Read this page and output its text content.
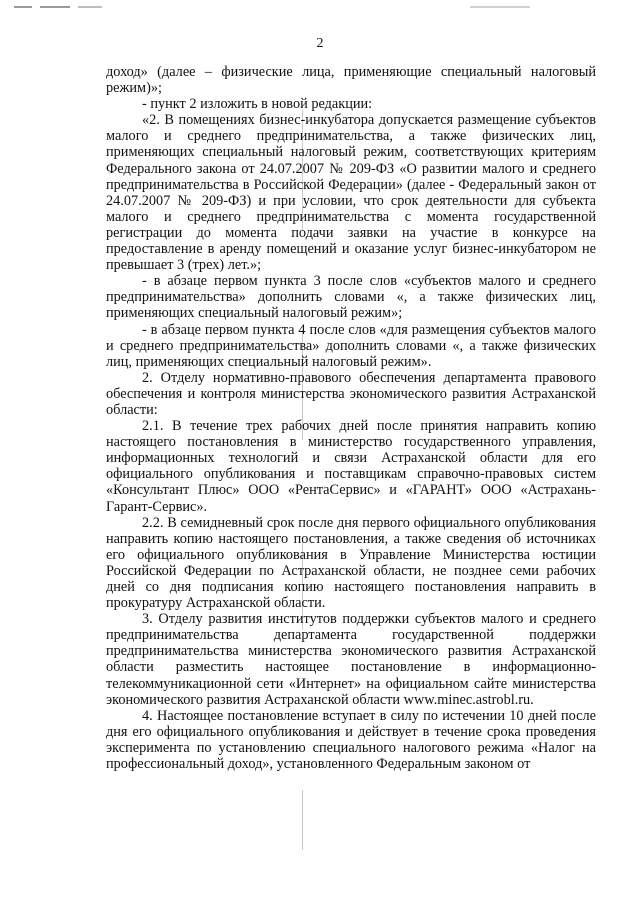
2

доход» (далее – физические лица, применяющие специальный налоговый режим)»;

- пункт 2 изложить в новой редакции:

«2. В помещениях бизнес-инкубатора допускается размещение субъектов малого и среднего предпринимательства, а также физических лиц, применяющих специальный налоговый режим, соответствующих критериям Федерального закона от 24.07.2007 № 209-ФЗ «О развитии малого и среднего предпринимательства в Российской Федерации» (далее - Федеральный закон от 24.07.2007 № 209-ФЗ) и при условии, что срок деятельности для субъекта малого и среднего предпринимательства с момента государственной регистрации до момента подачи заявки на участие в конкурсе на предоставление в аренду помещений и оказание услуг бизнес-инкубатором не превышает 3 (трех) лет.»;

- в абзаце первом пункта 3 после слов «субъектов малого и среднего предпринимательства» дополнить словами «, а также физических лиц, применяющих специальный налоговый режим»;

- в абзаце первом пункта 4 после слов «для размещения субъектов малого и среднего предпринимательства» дополнить словами «, а также физических лиц, применяющих специальный налоговый режим».

2. Отделу нормативно-правового обеспечения департамента правового обеспечения и контроля министерства экономического развития Астраханской области:

2.1. В течение трех рабочих дней после принятия направить копию настоящего постановления в министерство государственного управления, информационных технологий и связи Астраханской области для его официального опубликования и поставщикам справочно-правовых систем «Консультант Плюс» ООО «РентаСервис» и «ГАРАНТ» ООО «Астрахань-Гарант-Сервис».

2.2. В семидневный срок после дня первого официального опубликования направить копию настоящего постановления, а также сведения об источниках его официального опубликования в Управление Министерства юстиции Российской Федерации по Астраханской области, не позднее семи рабочих дней со дня подписания копию настоящего постановления направить в прокуратуру Астраханской области.

3. Отделу развития институтов поддержки субъектов малого и среднего предпринимательства департамента государственной поддержки предпринимательства министерства экономического развития Астраханской области разместить настоящее постановление в информационно-телекоммуникационной сети «Интернет» на официальном сайте министерства экономического развития Астраханской области www.minec.astrobl.ru.

4. Настоящее постановление вступает в силу по истечении 10 дней после дня его официального опубликования и действует в течение срока проведения эксперимента по установлению специального налогового режима «Налог на профессиональный доход», установленного Федеральным законом от
